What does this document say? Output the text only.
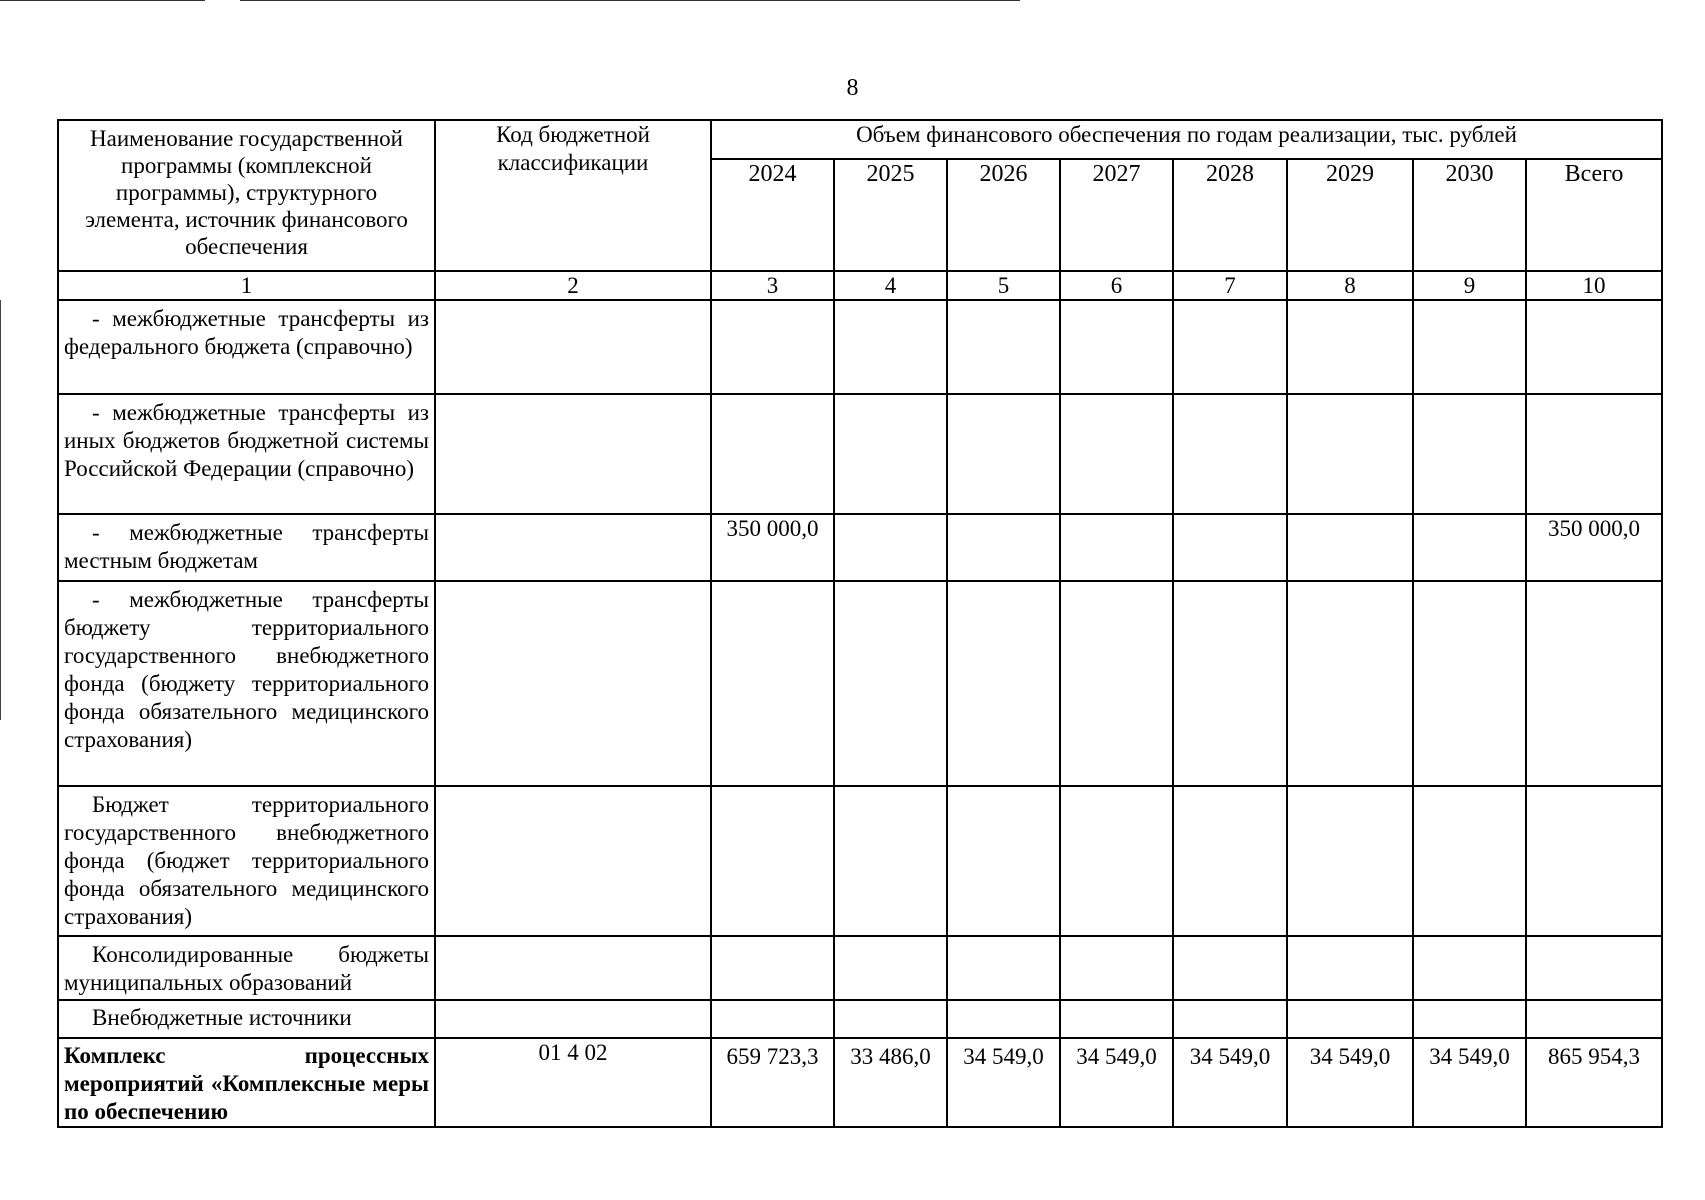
8
Наименование государственной программы (комплексной программы), структурного элемента, источник финансового обеспечения	Код бюджетной классификации	Объем финансового обеспечения по годам реализации, тыс. рублей							
		2024	2025	2026	2027	2028	2029	2030	Всего
1	2	3	4	5	6	7	8	9	10
- межбюджетные трансферты из федерального бюджета (справочно)									
- межбюджетные трансферты из иных бюджетов бюджетной системы Российской Федерации (справочно)									
- межбюджетные трансферты местным бюджетам		350 000,0							350 000,0
- межбюджетные трансферты бюджету территориального государственного внебюджетного фонда (бюджету территориального фонда обязательного медицинского страхования)									
Бюджет территориального государственного внебюджетного фонда (бюджет территориального фонда обязательного медицинского страхования)									
Консолидированные бюджеты муниципальных образований									
Внебюджетные источники									
Комплекс процессных мероприятий «Комплексные меры по обеспечению	01 4 02	659 723,3	33 486,0	34 549,0	34 549,0	34 549,0	34 549,0	34 549,0	865 954,3
